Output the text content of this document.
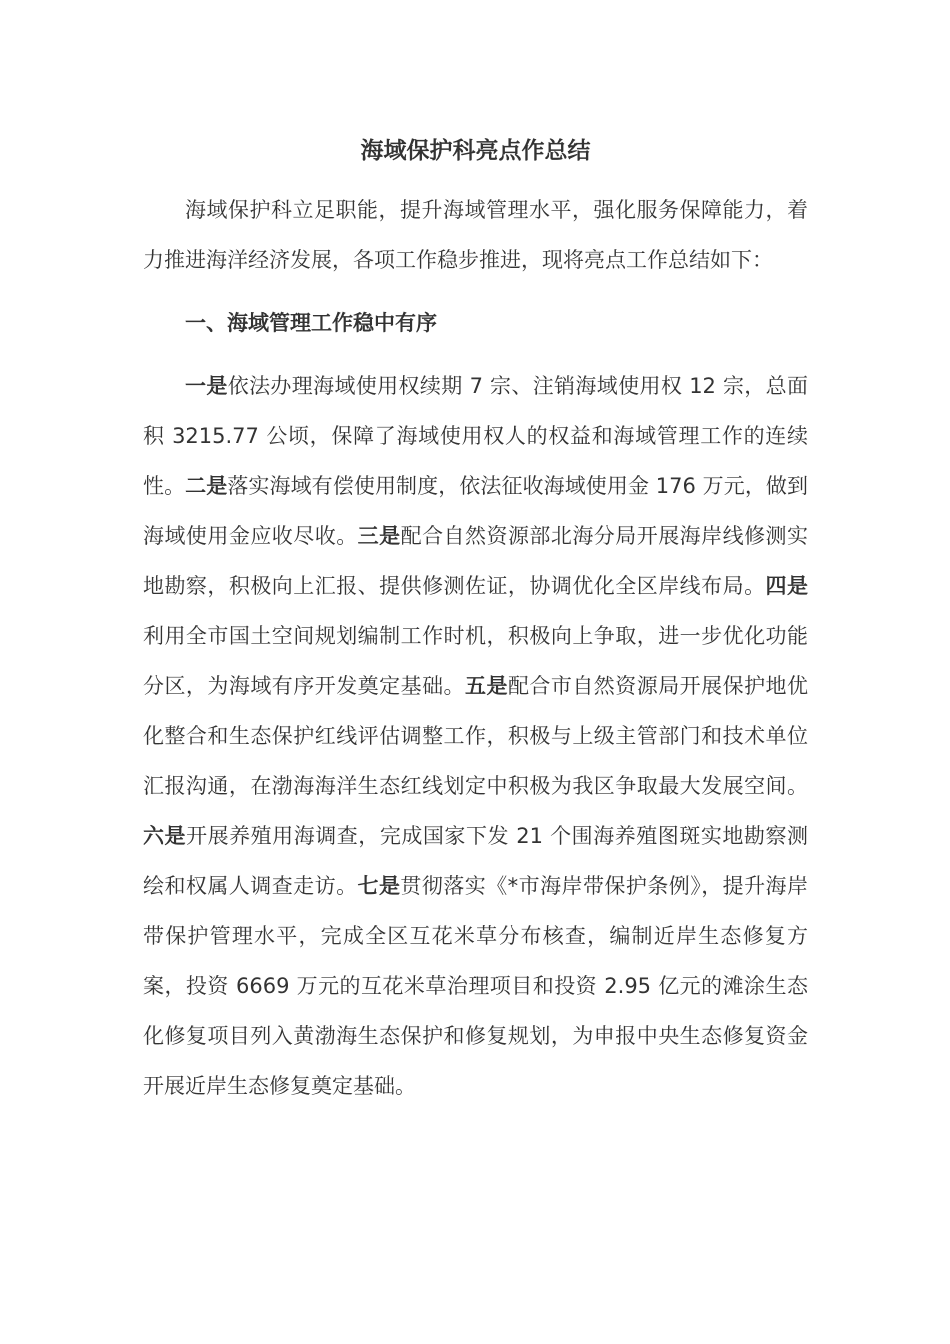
海域保护科亮点作总结

海域保护科立足职能，提升海域管理水平，强化服务保障能力，着力推进海洋经济发展，各项工作稳步推进，现将亮点工作总结如下：

一、海域管理工作稳中有序

一是依法办理海域使用权续期 7 宗、注销海域使用权 12 宗，总面积 3215.77 公顷，保障了海域使用权人的权益和海域管理工作的连续性。二是落实海域有偿使用制度，依法征收海域使用金 176 万元，做到海域使用金应收尽收。三是配合自然资源部北海分局开展海岸线修测实地勘察，积极向上汇报、提供修测佐证，协调优化全区岸线布局。四是利用全市国土空间规划编制工作时机，积极向上争取，进一步优化功能分区，为海域有序开发奠定基础。五是配合市自然资源局开展保护地优化整合和生态保护红线评估调整工作，积极与上级主管部门和技术单位汇报沟通，在渤海海洋生态红线划定中积极为我区争取最大发展空间。六是开展养殖用海调查，完成国家下发 21 个围海养殖图斑实地勘察测绘和权属人调查走访。七是贯彻落实《*市海岸带保护条例》，提升海岸带保护管理水平，完成全区互花米草分布核查，编制近岸生态修复方案，投资 6669 万元的互花米草治理项目和投资 2.95 亿元的滩涂生态化修复项目列入黄渤海生态保护和修复规划，为申报中央生态修复资金开展近岸生态修复奠定基础。
